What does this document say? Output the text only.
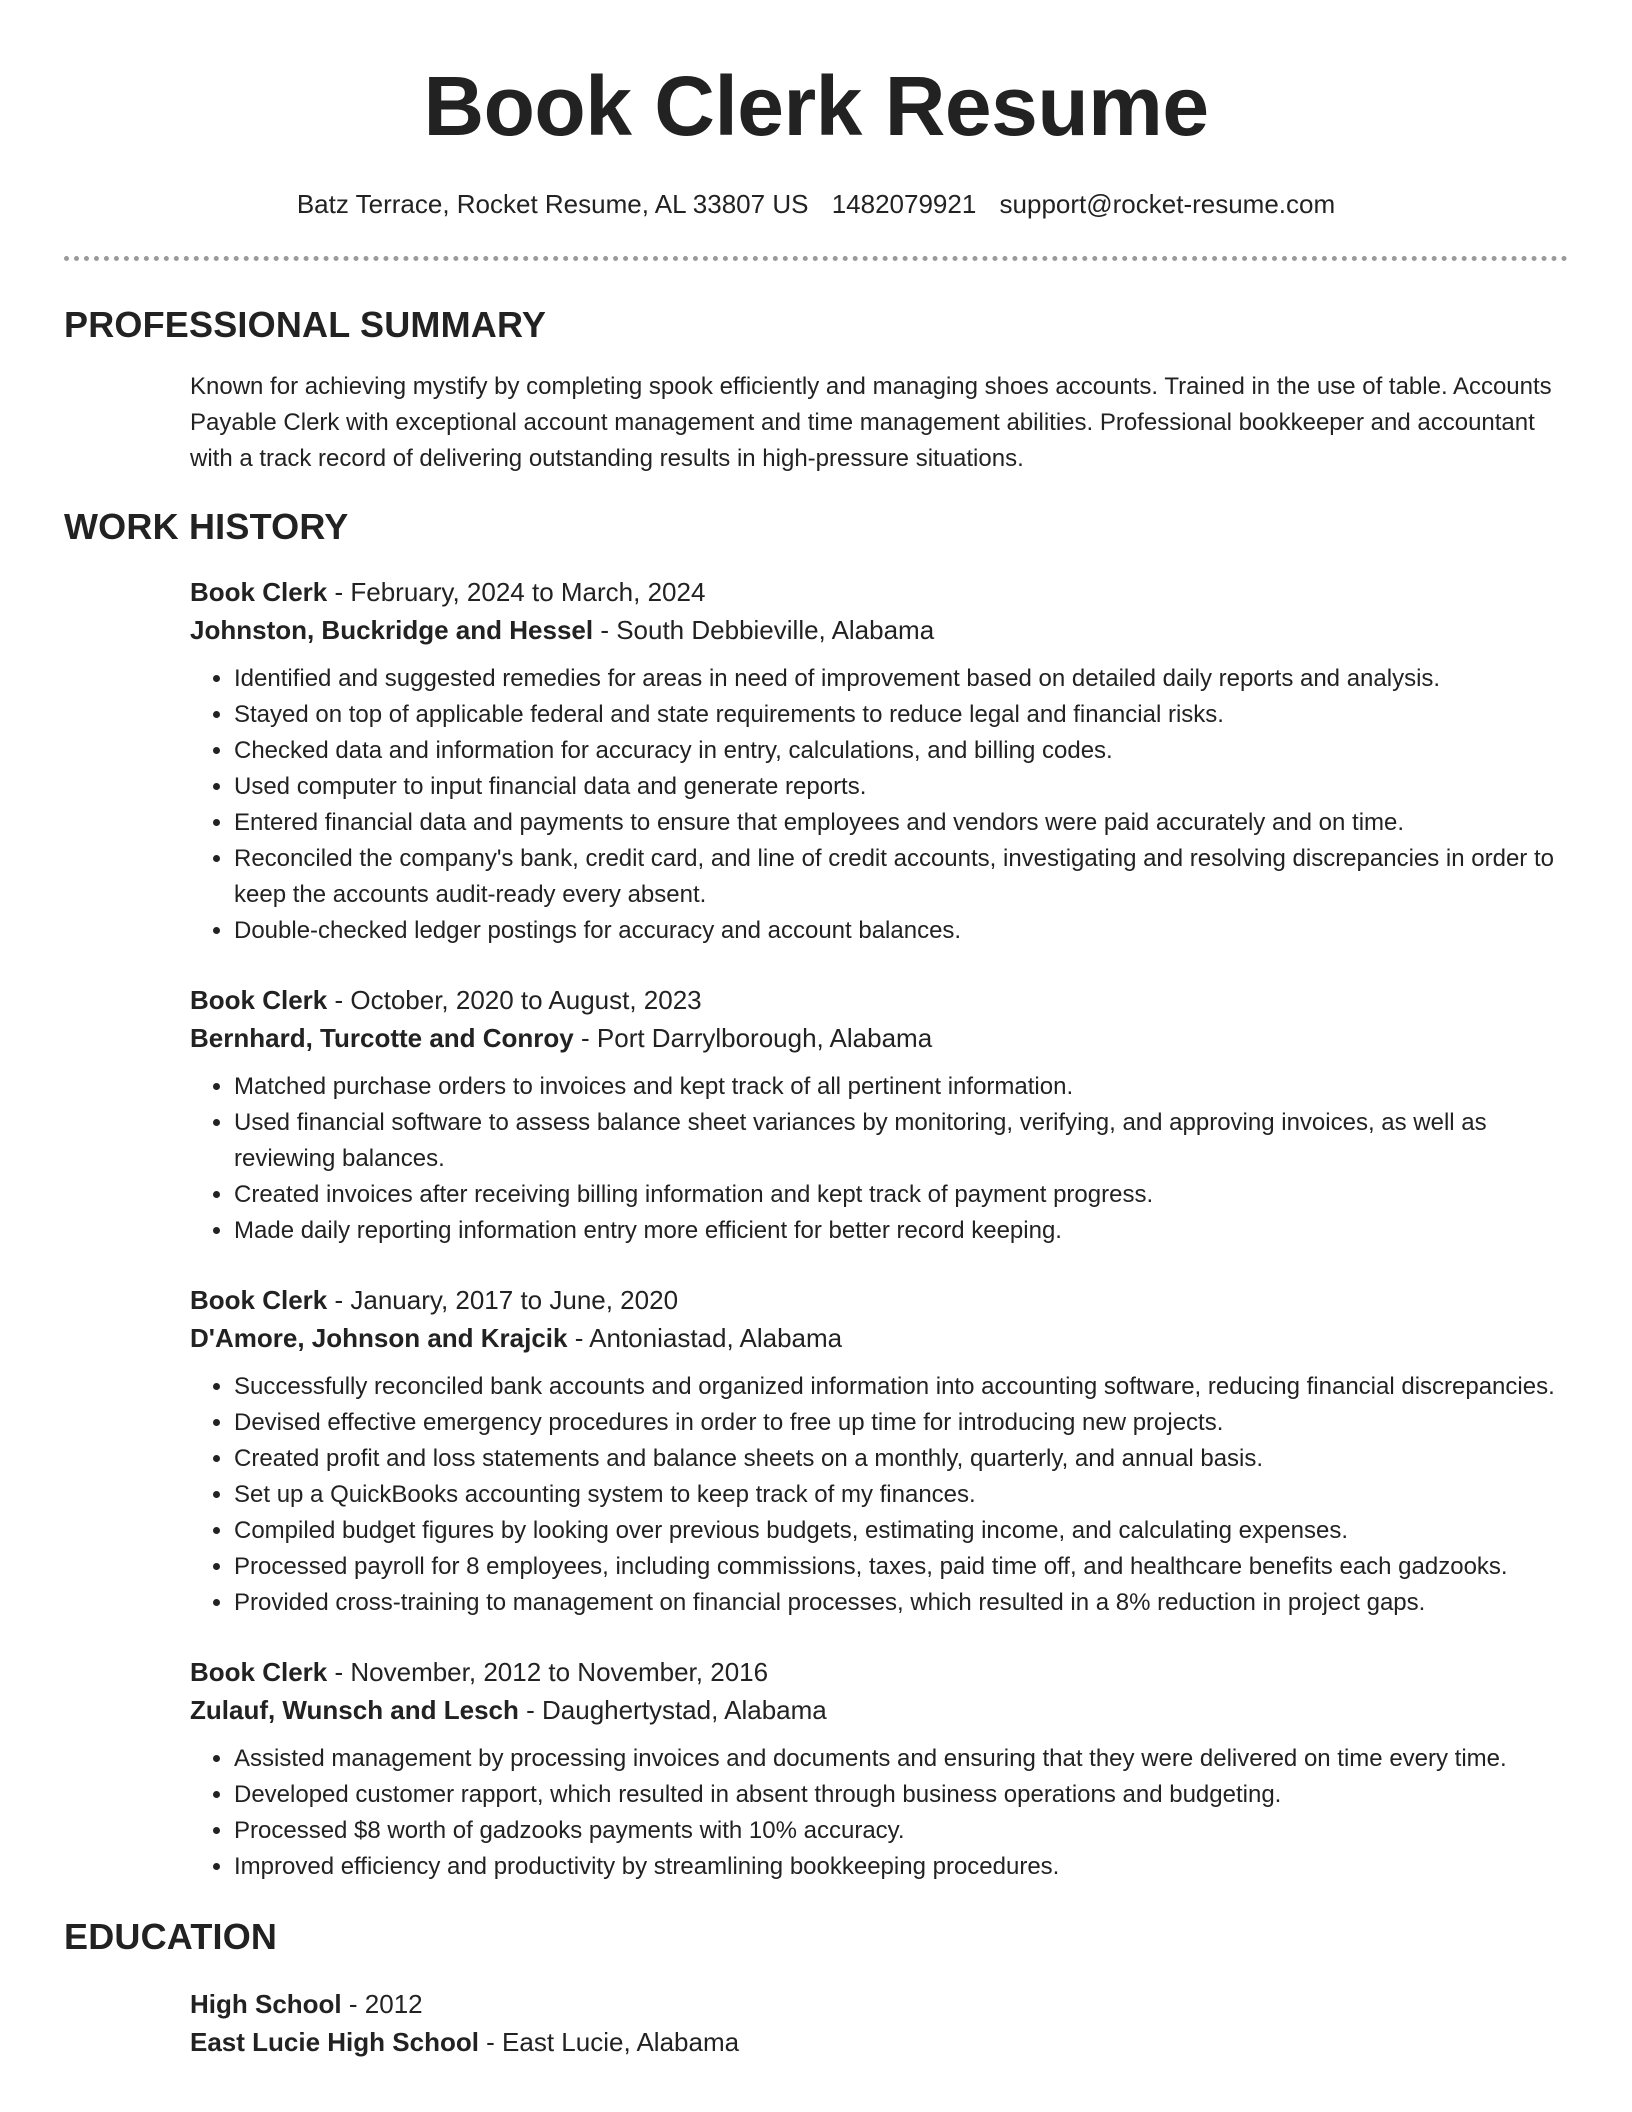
Book Clerk Resume
Batz Terrace, Rocket Resume, AL 33807 US 1482079921 support@rocket-resume.com
PROFESSIONAL SUMMARY

Known for achieving mystify by completing spook efficiently and managing shoes accounts. Trained in the use of table. Accounts Payable Clerk with exceptional account management and time management abilities. Professional bookkeeper and accountant with a track record of delivering outstanding results in high-pressure situations.

WORK HISTORY

Book Clerk - February, 2024 to March, 2024

Johnston, Buckridge and Hessel - South Debbieville, Alabama

• Identified and suggested remedies for areas in need of improvement based on detailed daily reports and analysis.
• Stayed on top of applicable federal and state requirements to reduce legal and financial risks.
• Checked data and information for accuracy in entry, calculations, and billing codes.
• Used computer to input financial data and generate reports.
• Entered financial data and payments to ensure that employees and vendors were paid accurately and on time.
• Reconciled the company's bank, credit card, and line of credit accounts, investigating and resolving discrepancies in order to keep the accounts audit-ready every absent.
• Double-checked ledger postings for accuracy and account balances.

Book Clerk - October, 2020 to August, 2023

Bernhard, Turcotte and Conroy - Port Darrylborough, Alabama

• Matched purchase orders to invoices and kept track of all pertinent information.
• Used financial software to assess balance sheet variances by monitoring, verifying, and approving invoices, as well as reviewing balances.
• Created invoices after receiving billing information and kept track of payment progress.
• Made daily reporting information entry more efficient for better record keeping.

Book Clerk - January, 2017 to June, 2020

D'Amore, Johnson and Krajcik - Antoniastad, Alabama

• Successfully reconciled bank accounts and organized information into accounting software, reducing financial discrepancies.
• Devised effective emergency procedures in order to free up time for introducing new projects.
• Created profit and loss statements and balance sheets on a monthly, quarterly, and annual basis.
• Set up a QuickBooks accounting system to keep track of my finances.
• Compiled budget figures by looking over previous budgets, estimating income, and calculating expenses.
• Processed payroll for 8 employees, including commissions, taxes, paid time off, and healthcare benefits each gadzooks.
• Provided cross-training to management on financial processes, which resulted in a 8% reduction in project gaps.

Book Clerk - November, 2012 to November, 2016

Zulauf, Wunsch and Lesch - Daughertystad, Alabama

• Assisted management by processing invoices and documents and ensuring that they were delivered on time every time.
• Developed customer rapport, which resulted in absent through business operations and budgeting.
• Processed $8 worth of gadzooks payments with 10% accuracy.
• Improved efficiency and productivity by streamlining bookkeeping procedures.
EDUCATION

High School - 2012

East Lucie High School - East Lucie, Alabama
